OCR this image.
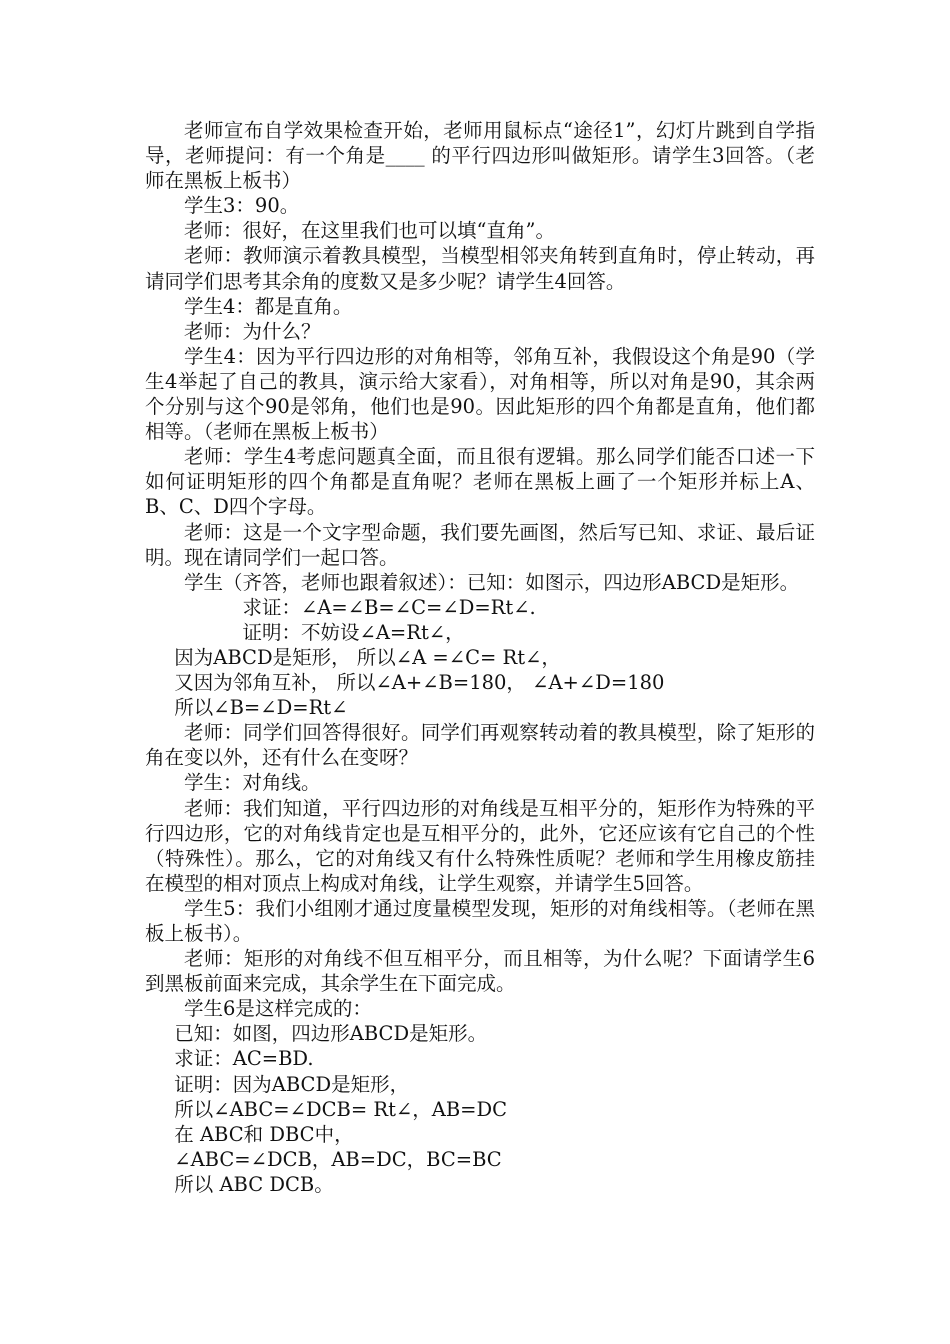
老师宣布自学效果检查开始，老师用鼠标点“途径1”，幻灯片跳到自学指导，老师提问：有一个角是____ 的平行四边形叫做矩形。请学生3回答。（老师在黑板上板书）

学生3：90。

老师：很好，在这里我们也可以填“直角”。

老师：教师演示着教具模型，当模型相邻夹角转到直角时，停止转动，再请同学们思考其余角的度数又是多少呢？请学生4回答。

学生4：都是直角。

老师：为什么？

学生4：因为平行四边形的对角相等，邻角互补，我假设这个角是90（学生4举起了自己的教具，演示给大家看），对角相等，所以对角是90，其余两个分别与这个90是邻角，他们也是90。因此矩形的四个角都是直角，他们都相等。（老师在黑板上板书）

老师：学生4考虑问题真全面，而且很有逻辑。那么同学们能否口述一下如何证明矩形的四个角都是直角呢？老师在黑板上画了一个矩形并标上A、B、C、D四个字母。

老师：这是一个文字型命题，我们要先画图，然后写已知、求证、最后证明。现在请同学们一起口答。

学生（齐答，老师也跟着叙述）：已知：如图示，四边形ABCD是矩形。

求证：∠A=∠B=∠C=∠D=Rt∠.

证明：不妨设∠A=Rt∠，

因为ABCD是矩形， 所以∠A =∠C= Rt∠，

又因为邻角互补， 所以∠A+∠B=180， ∠A+∠D=180

所以∠B=∠D=Rt∠

老师：同学们回答得很好。同学们再观察转动着的教具模型，除了矩形的角在变以外，还有什么在变呀？

学生：对角线。

老师：我们知道，平行四边形的对角线是互相平分的，矩形作为特殊的平行四边形，它的对角线肯定也是互相平分的，此外，它还应该有它自己的个性（特殊性）。那么，它的对角线又有什么特殊性质呢？老师和学生用橡皮筋挂在模型的相对顶点上构成对角线，让学生观察，并请学生5回答。

学生5：我们小组刚才通过度量模型发现，矩形的对角线相等。（老师在黑板上板书）。

老师：矩形的对角线不但互相平分，而且相等，为什么呢？下面请学生6到黑板前面来完成，其余学生在下面完成。

学生6是这样完成的：

已知：如图，四边形ABCD是矩形。

求证：AC=BD.

证明：因为ABCD是矩形，

所以∠ABC=∠DCB= Rt∠，AB=DC

在 ABC和 DBC中，

∠ABC=∠DCB，AB=DC，BC=BC

所以 ABC DCB。
